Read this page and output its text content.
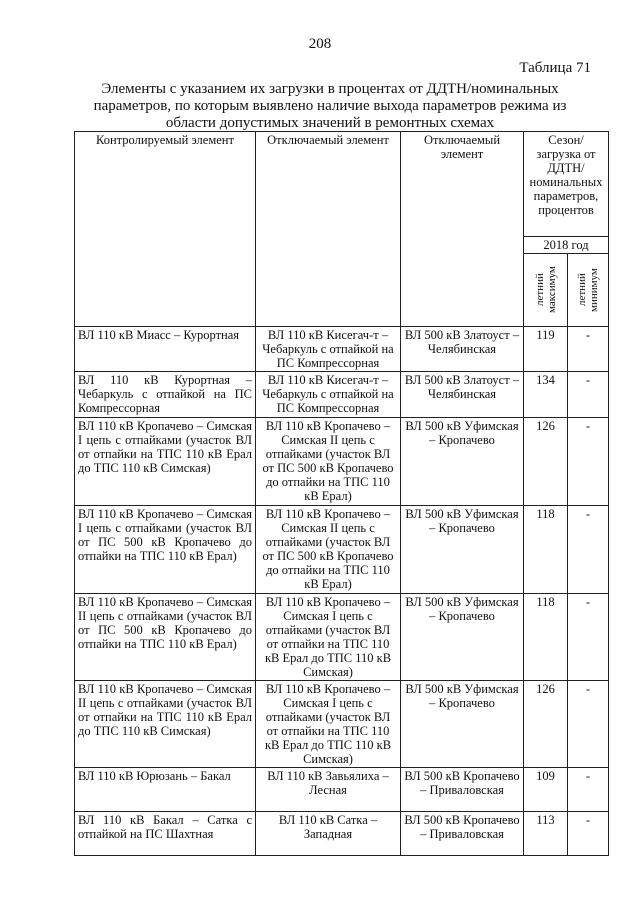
208
Таблица 71
Элементы с указанием их загрузки в процентах от ДДТН/номинальных параметров, по которым выявлено наличие выхода параметров режима из области допустимых значений в ремонтных схемах
Контролируемый элемент	Отключаемый элемент	Отключаемый элемент	Сезон/ загрузка от ДДТН/ номинальных параметров, процентов	
			2018 год	

			летний максимум	летний минимум

ВЛ 110 кВ Миасс – Курортная	ВЛ 110 кВ Кисегач-т – Чебаркуль с отпайкой на ПС Компрессорная	ВЛ 500 кВ Златоуст – Челябинская	119	-
ВЛ 110 кВ Курортная – Чебаркуль с отпайкой на ПС Компрессорная	ВЛ 110 кВ Кисегач-т – Чебаркуль с отпайкой на ПС Компрессорная	ВЛ 500 кВ Златоуст – Челябинская	134	-
ВЛ 110 кВ Кропачево – Симская I цепь с отпайками (участок ВЛ от отпайки на ТПС 110 кВ Ерал до ТПС 110 кВ Симская)	ВЛ 110 кВ Кропачево – Симская II цепь с отпайками (участок ВЛ от ПС 500 кВ Кропачево до отпайки на ТПС 110 кВ Ерал)	ВЛ 500 кВ Уфимская – Кропачево	126	-
ВЛ 110 кВ Кропачево – Симская I цепь с отпайками (участок ВЛ от ПС 500 кВ Кропачево до отпайки на ТПС 110 кВ Ерал)	ВЛ 110 кВ Кропачево – Симская II цепь с отпайками (участок ВЛ от ПС 500 кВ Кропачево до отпайки на ТПС 110 кВ Ерал)	ВЛ 500 кВ Уфимская – Кропачево	118	-
ВЛ 110 кВ Кропачево – Симская II цепь с отпайками (участок ВЛ от ПС 500 кВ Кропачево до отпайки на ТПС 110 кВ Ерал)	ВЛ 110 кВ Кропачево – Симская I цепь с отпайками (участок ВЛ от отпайки на ТПС 110 кВ Ерал до ТПС 110 кВ Симская)	ВЛ 500 кВ Уфимская – Кропачево	118	-
ВЛ 110 кВ Кропачево – Симская II цепь с отпайками (участок ВЛ от отпайки на ТПС 110 кВ Ерал до ТПС 110 кВ Симская)	ВЛ 110 кВ Кропачево – Симская I цепь с отпайками (участок ВЛ от отпайки на ТПС 110 кВ Ерал до ТПС 110 кВ Симская)	ВЛ 500 кВ Уфимская – Кропачево	126	-
ВЛ 110 кВ Юрюзань – Бакал	ВЛ 110 кВ Завьялиха – Лесная	ВЛ 500 кВ Кропачево – Приваловская	109	-
ВЛ 110 кВ Бакал – Сатка с отпайкой на ПС Шахтная	ВЛ 110 кВ Сатка – Западная	ВЛ 500 кВ Кропачево – Приваловская	113	-
